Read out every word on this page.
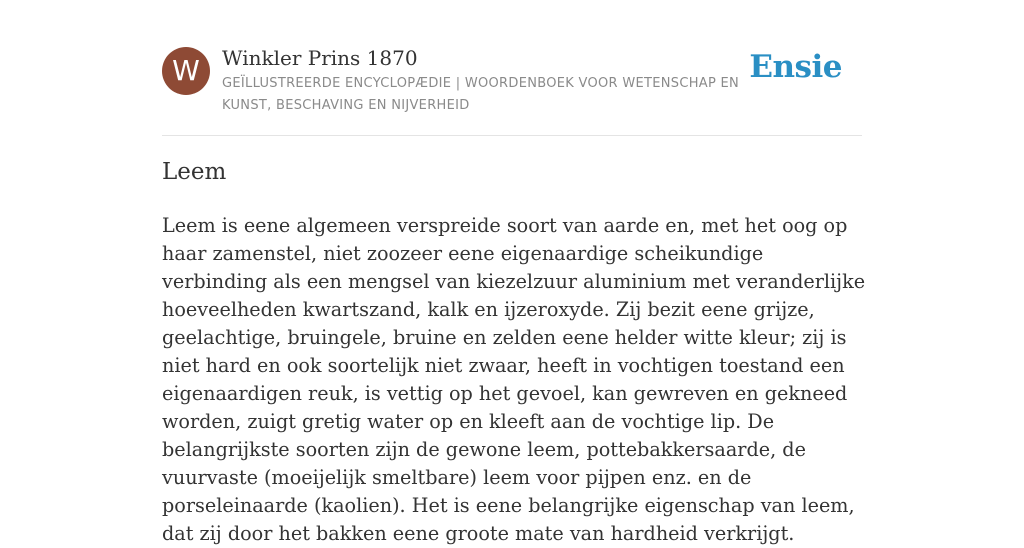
W	Winkler Prins 1870
GEÏLLUSTREERDE ENCYCLOPÆDIE | WOORDENBOEK VOOR WETENSCHAP EN KUNST, BESCHAVING EN NIJVERHEID
Ensie
Leem

Leem is eene algemeen verspreide soort van aarde en, met het oog op haar zamenstel, niet zoozeer eene eigenaardige scheikundige verbinding als een mengsel van kiezelzuur aluminium met veranderlijke hoeveelheden kwartszand, kalk en ijzeroxyde. Zij bezit eene grijze, geelachtige, bruingele, bruine en zelden eene helder witte kleur; zij is niet hard en ook soortelijk niet zwaar, heeft in vochtigen toestand een eigenaardigen reuk, is vettig op het gevoel, kan gewreven en gekneed worden, zuigt gretig water op en kleeft aan de vochtige lip. De belangrijkste soorten zijn de gewone leem, pottebakkersaarde, de vuurvaste (moeijelijk smeltbare) leem voor pijpen enz. en de porseleinaarde (kaolien). Het is eene belangrijke eigenschap van leem, dat zij door het bakken eene groote mate van hardheid verkrijgt.
